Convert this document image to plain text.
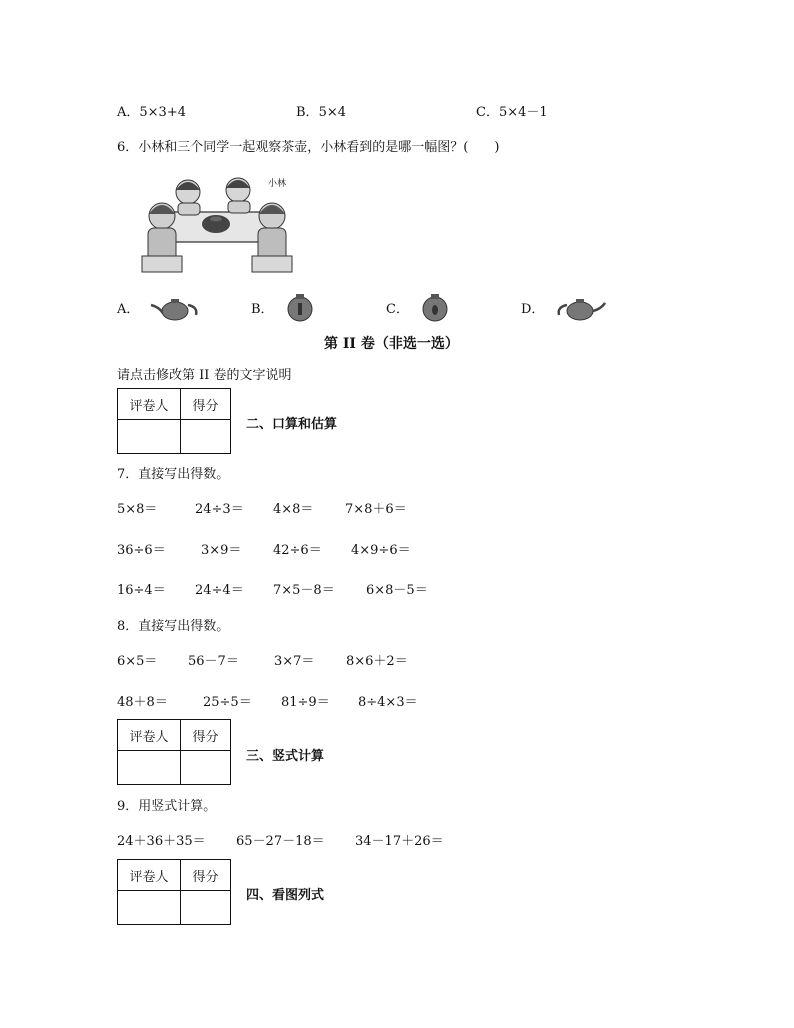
A．5×3+4	B．5×4	C．5×4－1
6．小林和三个同学一起观察茶壶，小林看到的是哪一幅图？(　　)
小林
A．	B．	C．	D．
第 II 卷（非选一选）
请点击修改第 II 卷的文字说明
评卷人	得分

二、口算和估算
7．直接写出得数。
5×8＝	24÷3＝ 4×8＝ 7×8＋6＝
36÷6＝	3×9＝ 42÷6＝ 4×9÷6＝
16÷4＝ 24÷4＝ 7×5－8＝ 6×8－5＝
8．直接写出得数。
6×5＝ 56－7＝	3×7＝ 8×6＋2＝
48＋8＝	25÷5＝ 81÷9＝ 8÷4×3＝
评卷人	得分

三、竖式计算
9．用竖式计算。
24＋36＋35＝ 65－27－18＝ 34－17＋26＝
评卷人	得分

四、看图列式
